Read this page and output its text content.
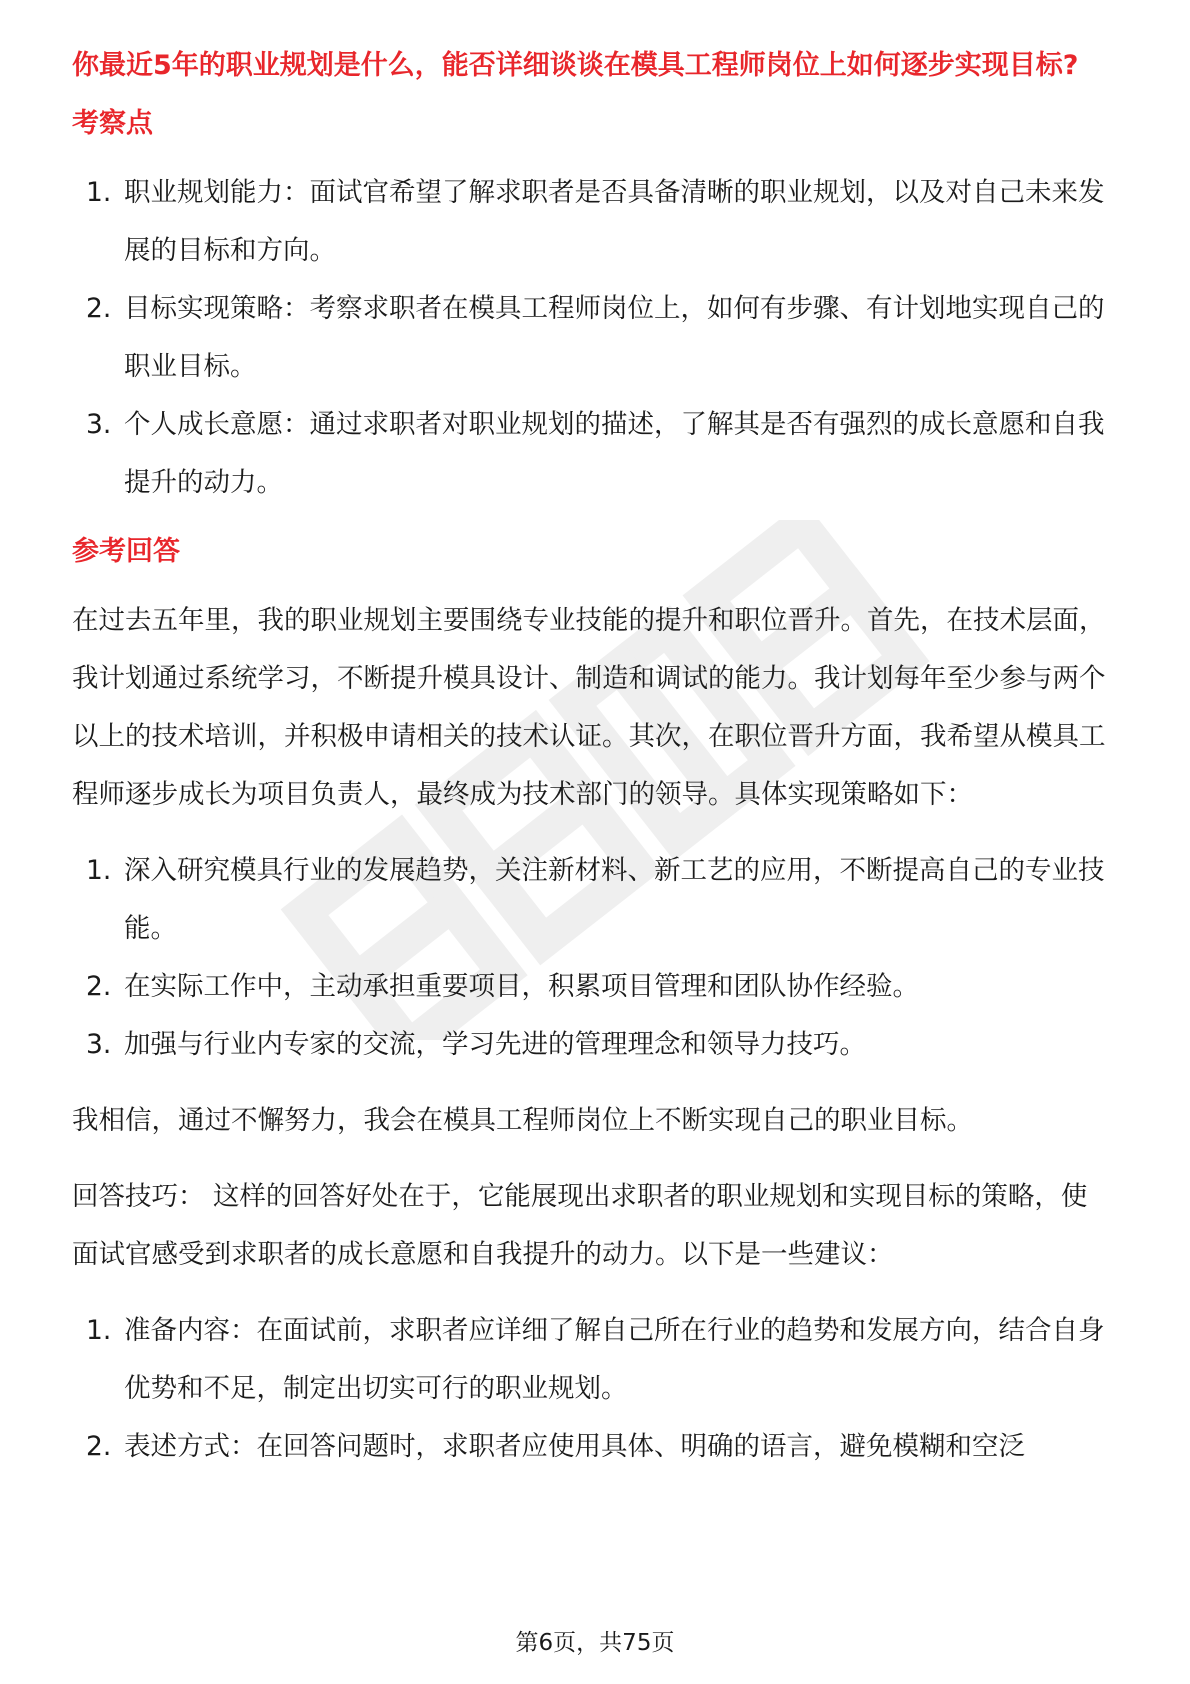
你最近5年的职业规划是什么，能否详细谈谈在模具工程师岗位上如何逐步实现目标?

考察点

1. 职业规划能力：面试官希望了解求职者是否具备清晰的职业规划，以及对自己未来发展的目标和方向。
2. 目标实现策略：考察求职者在模具工程师岗位上，如何有步骤、有计划地实现自己的职业目标。
3. 个人成长意愿：通过求职者对职业规划的描述，了解其是否有强烈的成长意愿和自我提升的动力。

参考回答

在过去五年里，我的职业规划主要围绕专业技能的提升和职位晋升。首先，在技术层面，我计划通过系统学习，不断提升模具设计、制造和调试的能力。我计划每年至少参与两个以上的技术培训，并积极申请相关的技术认证。其次，在职位晋升方面，我希望从模具工程师逐步成长为项目负责人，最终成为技术部门的领导。具体实现策略如下：

1. 深入研究模具行业的发展趋势，关注新材料、新工艺的应用，不断提高自己的专业技能。
2. 在实际工作中，主动承担重要项目，积累项目管理和团队协作经验。
3. 加强与行业内专家的交流，学习先进的管理理念和领导力技巧。

我相信，通过不懈努力，我会在模具工程师岗位上不断实现自己的职业目标。

回答技巧： 这样的回答好处在于，它能展现出求职者的职业规划和实现目标的策略，使面试官感受到求职者的成长意愿和自我提升的动力。以下是一些建议：

1. 准备内容：在面试前，求职者应详细了解自己所在行业的趋势和发展方向，结合自身优势和不足，制定出切实可行的职业规划。
2. 表述方式：在回答问题时，求职者应使用具体、明确的语言，避免模糊和空泛
第6页，共75页
